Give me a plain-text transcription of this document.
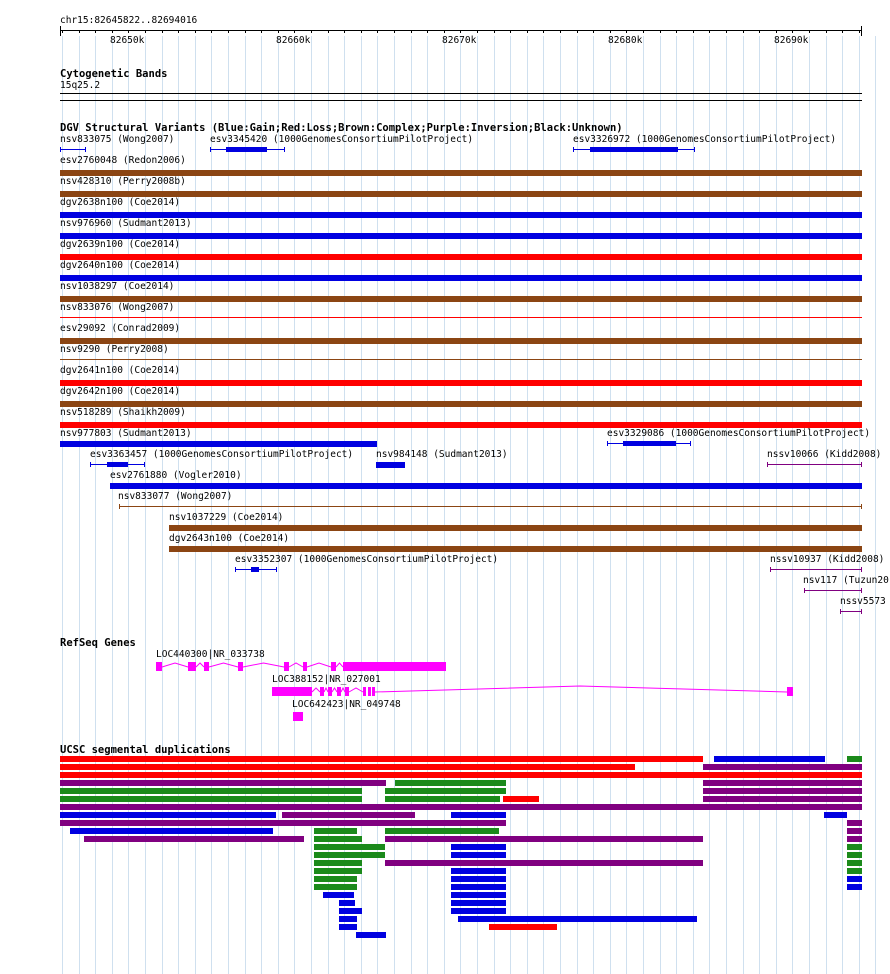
chr15:82645822..82694016
82650k	82660k	82670k	82680k	82690k
Cytogenetic Bands
15q25.2
DGV Structural Variants (Blue:Gain;Red:Loss;Brown:Complex;Purple:Inversion;Black:Unknown)
nsv833075 (Wong2007)	esv3345420 (1000GenomesConsortiumPilotProject)	esv3326972 (1000GenomesConsortiumPilotProject)
esv2760048 (Redon2006)
nsv428310 (Perry2008b)
dgv2638n100 (Coe2014)
nsv976960 (Sudmant2013)
dgv2639n100 (Coe2014)
dgv2640n100 (Coe2014)
nsv1038297 (Coe2014)
nsv833076 (Wong2007)
esv29092 (Conrad2009)
nsv9290 (Perry2008)
dgv2641n100 (Coe2014)
dgv2642n100 (Coe2014)
nsv518289 (Shaikh2009)
nsv977803 (Sudmant2013)	esv3329086 (1000GenomesConsortiumPilotProject)
esv3363457 (1000GenomesConsortiumPilotProject) nsv984148 (Sudmant2013)	nssv10066 (Kidd2008)
esv2761880 (Vogler2010)
nsv833077 (Wong2007)
nsv1037229 (Coe2014)
dgv2643n100 (Coe2014)
esv3352307 (1000GenomesConsortiumPilotProject)	nssv10937 (Kidd2008)
nsv117 (Tuzun20
nssv5573
RefSeq Genes
LOC440300|NR_033738
LOC388152|NR_027001
LOC642423|NR_049748
UCSC segmental duplications
